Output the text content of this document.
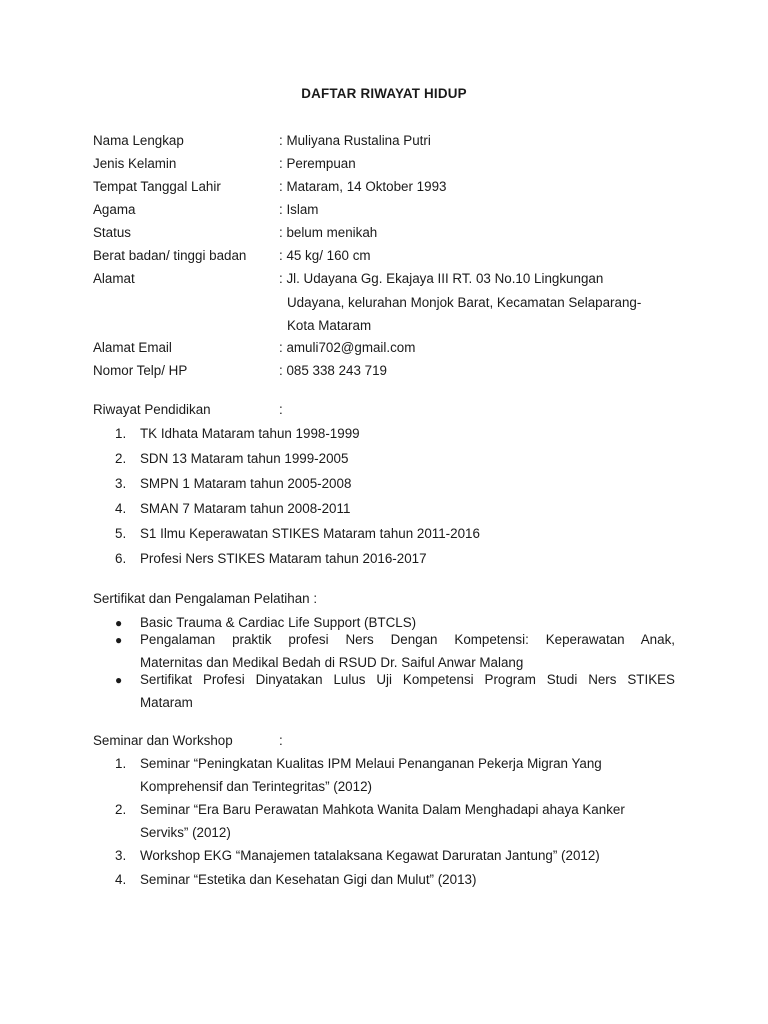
DAFTAR RIWAYAT HIDUP
Nama Lengkap	: Muliyana Rustalina Putri
Jenis Kelamin	: Perempuan
Tempat Tanggal Lahir	: Mataram, 14 Oktober 1993
Agama	: Islam
Status	: belum menikah
Berat badan/ tinggi badan : 45 kg/ 160 cm
Alamat	: Jl. Udayana Gg. Ekajaya III RT. 03 No.10 Lingkungan
Udayana, kelurahan Monjok Barat, Kecamatan Selaparang-
Kota Mataram
Alamat Email	: amuli702@gmail.com
Nomor Telp/ HP	: 085 338 243 719
Riwayat Pendidikan	:
1. TK Idhata Mataram tahun 1998-1999
2. SDN 13 Mataram tahun 1999-2005
3. SMPN 1 Mataram tahun 2005-2008
4. SMAN 7 Mataram tahun 2008-2011
5. S1 Ilmu Keperawatan STIKES Mataram tahun 2011-2016
6. Profesi Ners STIKES Mataram tahun 2016-2017
Sertifikat dan Pengalaman Pelatihan :
● Basic Trauma & Cardiac Life Support (BTCLS)
● Pengalaman praktik profesi Ners Dengan Kompetensi: Keperawatan Anak,
Maternitas dan Medikal Bedah di RSUD Dr. Saiful Anwar Malang
● Sertifikat Profesi Dinyatakan Lulus Uji Kompetensi Program Studi Ners STIKES
Mataram
Seminar dan Workshop	:
1. Seminar “Peningkatan Kualitas IPM Melaui Penanganan Pekerja Migran Yang
Komprehensif dan Terintegritas” (2012)
2. Seminar “Era Baru Perawatan Mahkota Wanita Dalam Menghadapi ahaya Kanker
Serviks” (2012)
3. Workshop EKG “Manajemen tatalaksana Kegawat Daruratan Jantung” (2012)
4. Seminar “Estetika dan Kesehatan Gigi dan Mulut” (2013)
